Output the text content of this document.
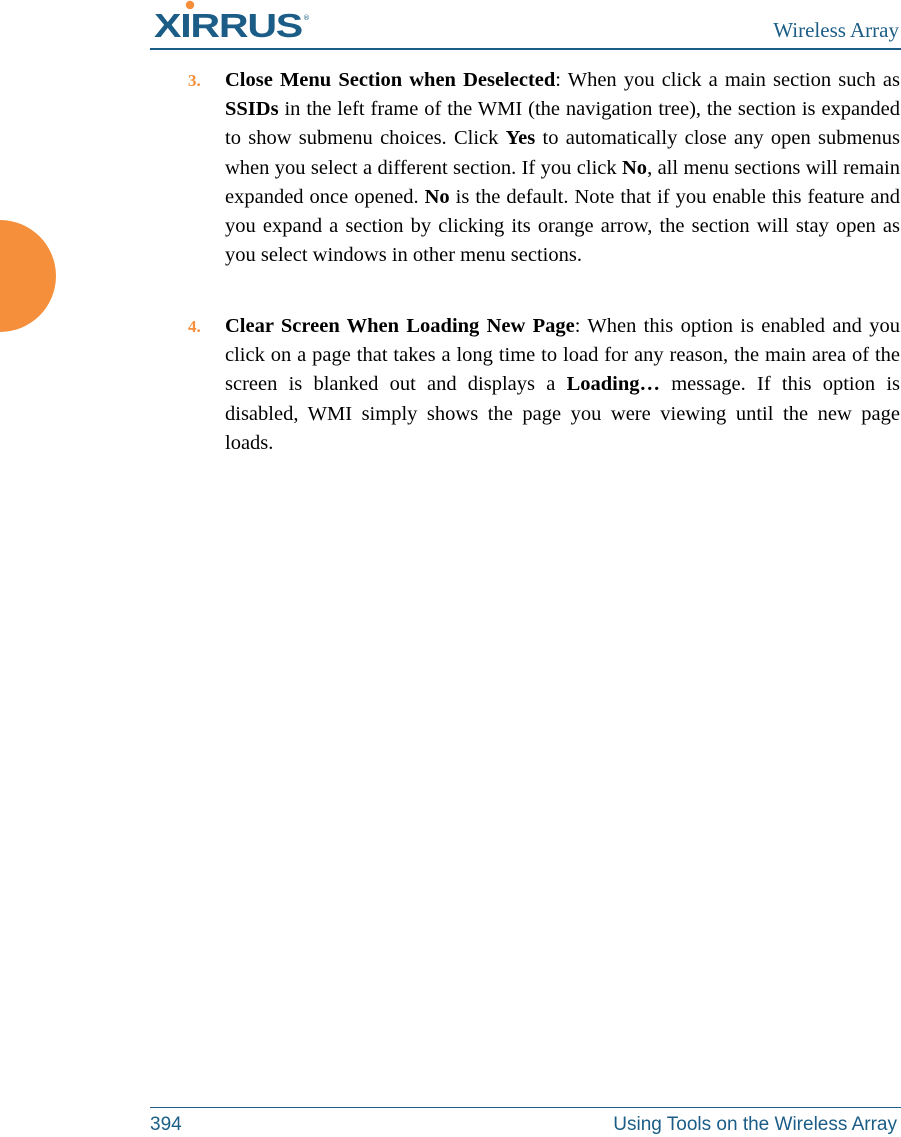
XIRRUS ®	Wireless Array
3. Close Menu Section when Deselected: When you click a main section such as SSIDs in the left frame of the WMI (the navigation tree), the section is expanded to show submenu choices. Click Yes to automatically close any open submenus when you select a different section. If you click No, all menu sections will remain expanded once opened. No is the default. Note that if you enable this feature and you expand a section by clicking its orange arrow, the section will stay open as you select windows in other menu sections.
4. Clear Screen When Loading New Page: When this option is enabled and you click on a page that takes a long time to load for any reason, the main area of the screen is blanked out and displays a Loading… message. If this option is disabled, WMI simply shows the page you were viewing until the new page loads.
394	Using Tools on the Wireless Array
